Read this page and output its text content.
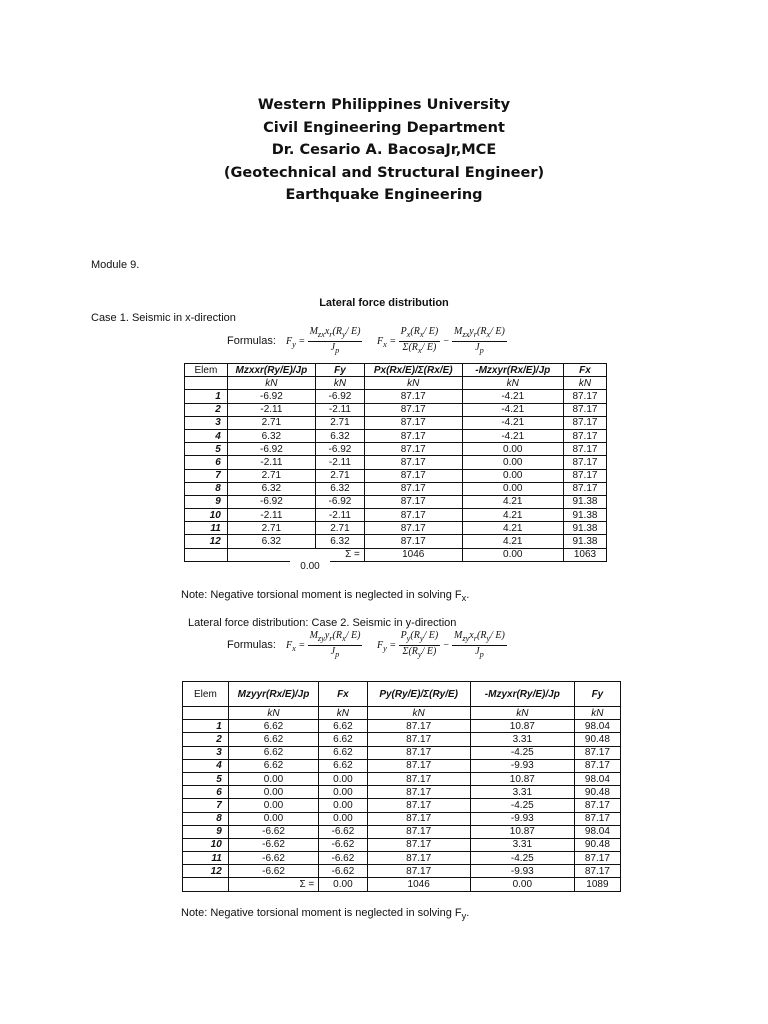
Western Philippines University
Civil Engineering Department
Dr. Cesario A. BacosaJr,MCE
(Geotechnical and Structural Engineer)
Earthquake Engineering
Module 9.
Lateral force distribution
Case 1. Seismic in x-direction
Formulas: $F_y = \frac{M_{zx}x_r(R_y/ E)}{J_p} F_x = \frac{P_x(R_x/ E)}{\Sigma(R_x/ E)} - \frac{M_{zx}y_r(R_x/ E)}{J_p}$
Elem	Mzxxr(Ry/E)/Jp	Fy	Px(Rx/E)/Σ(Rx/E)	-Mzxyr(Rx/E)/Jp	Fx
	kN	kN	kN	kN	kN
1	-6.92	-6.92	87.17	-4.21	87.17
2	-2.11	-2.11	87.17	-4.21	87.17
3	2.71	2.71	87.17	-4.21	87.17
4	6.32	6.32	87.17	-4.21	87.17
5	-6.92	-6.92	87.17	0.00	87.17
6	-2.11	-2.11	87.17	0.00	87.17
7	2.71	2.71	87.17	0.00	87.17
8	6.32	6.32	87.17	0.00	87.17
9	-6.92	-6.92	87.17	4.21	91.38
10	-2.11	-2.11	87.17	4.21	91.38
11	2.71	2.71	87.17	4.21	91.38
12	6.32	6.32	87.17	4.21	91.38
	Σ =		1046	0.00	1063
0.00
Note: Negative torsional moment is neglected in solving $F_x$.
Lateral force distribution: Case 2. Seismic in y-direction
Formulas: $F_x = \frac{M_{zy}y_r(R_x/ E)}{J_p} F_y = \frac{P_y(R_y/ E)}{\Sigma(R_y/ E)} - \frac{M_{zy}x_r(R_y/ E)}{J_p}$
Elem	Mzyyr(Rx/E)/Jp	Fx	Py(Ry/E)/Σ(Ry/E)	-Mzyxr(Ry/E)/Jp	Fy
	kN	kN	kN	kN	kN
1	6.62	6.62	87.17	10.87	98.04
2	6.62	6.62	87.17	3.31	90.48
3	6.62	6.62	87.17	-4.25	87.17
4	6.62	6.62	87.17	-9.93	87.17
5	0.00	0.00	87.17	10.87	98.04
6	0.00	0.00	87.17	3.31	90.48
7	0.00	0.00	87.17	-4.25	87.17
8	0.00	0.00	87.17	-9.93	87.17
9	-6.62	-6.62	87.17	10.87	98.04
10	-6.62	-6.62	87.17	3.31	90.48
11	-6.62	-6.62	87.17	-4.25	87.17
12	-6.62	-6.62	87.17	-9.93	87.17
	Σ =	0.00	1046	0.00	1089
Note: Negative torsional moment is neglected in solving $F_y$.
